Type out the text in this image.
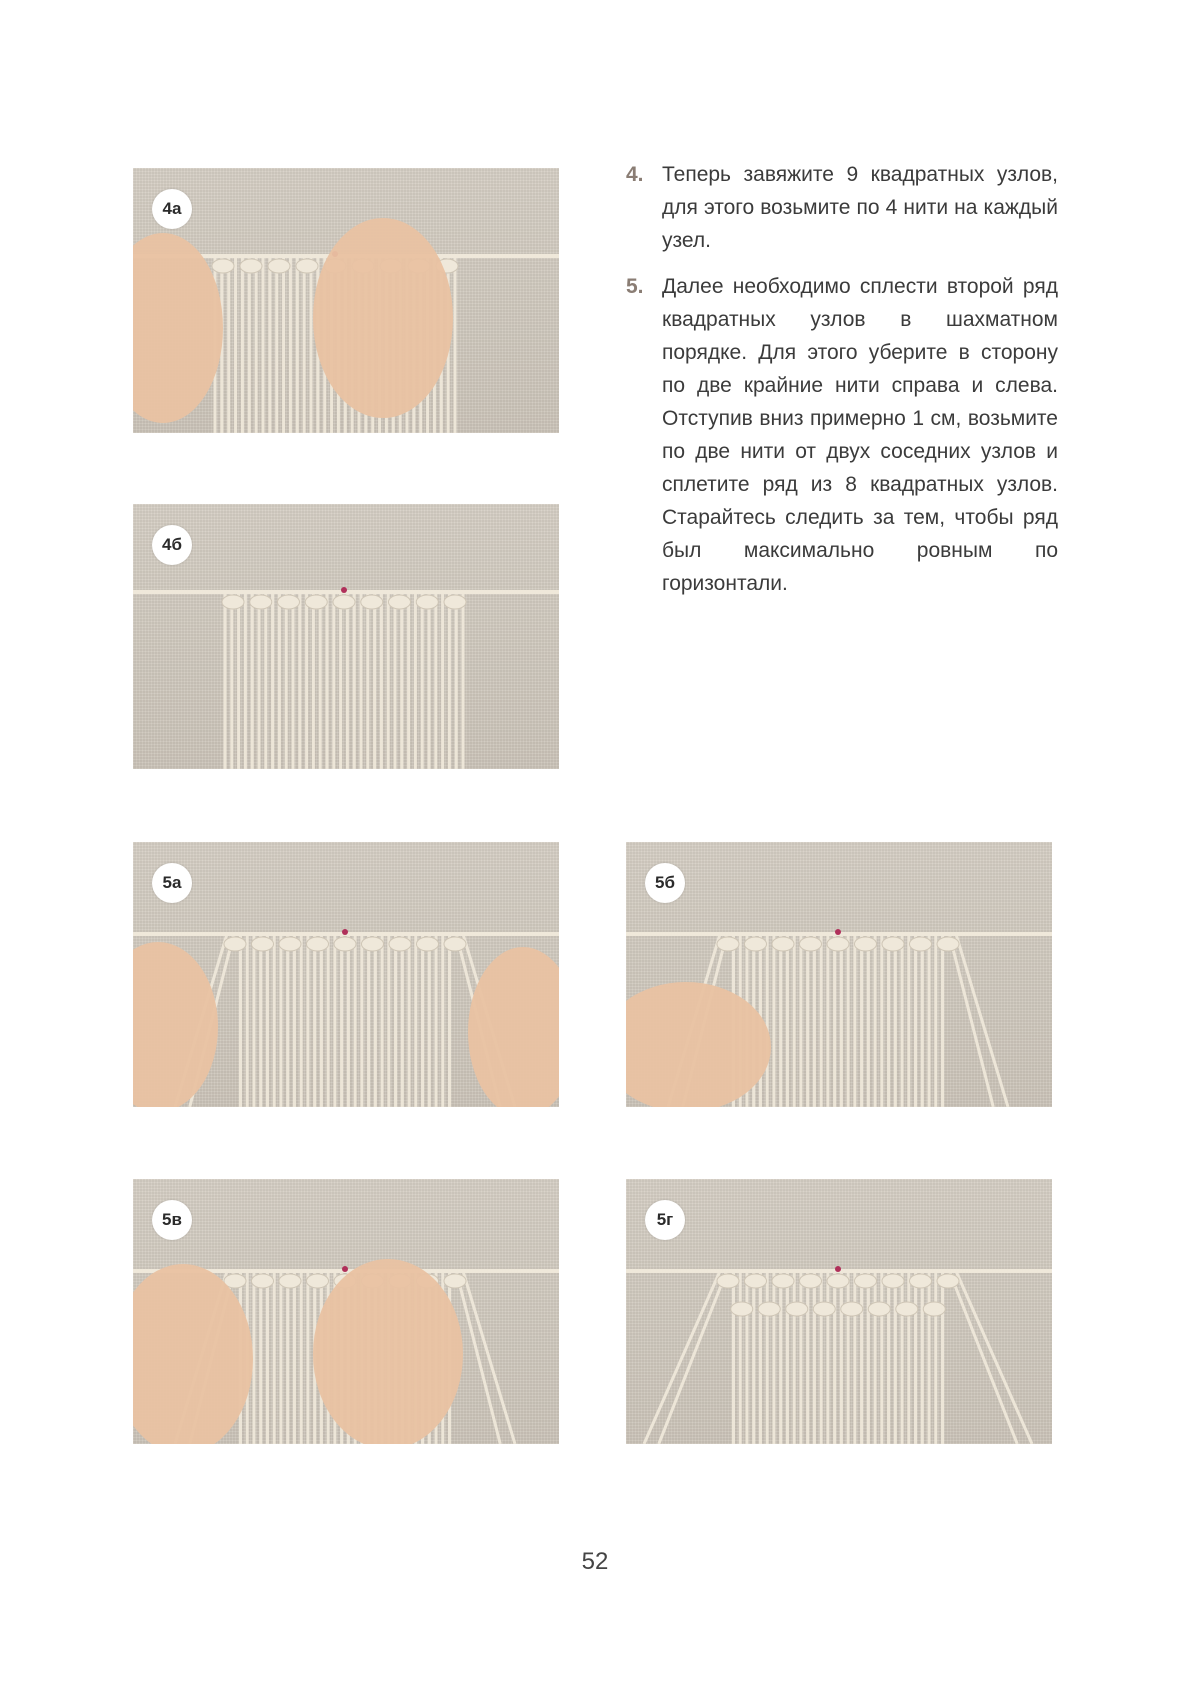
4а
4б
5а	5б
5в	5г
4. Теперь завяжите 9 квадратных узлов, для этого возьмите по 4 нити на каждый узел.
5. Далее необходимо сплести второй ряд квадратных узлов в шахматном порядке. Для этого уберите в сторону по две крайние нити справа и слева. Отступив вниз примерно 1 см, возьмите по две нити от двух соседних узлов и сплетите ряд из 8 квадратных узлов. Старайтесь следить за тем, чтобы ряд был максимально ровным по горизонтали.
52
